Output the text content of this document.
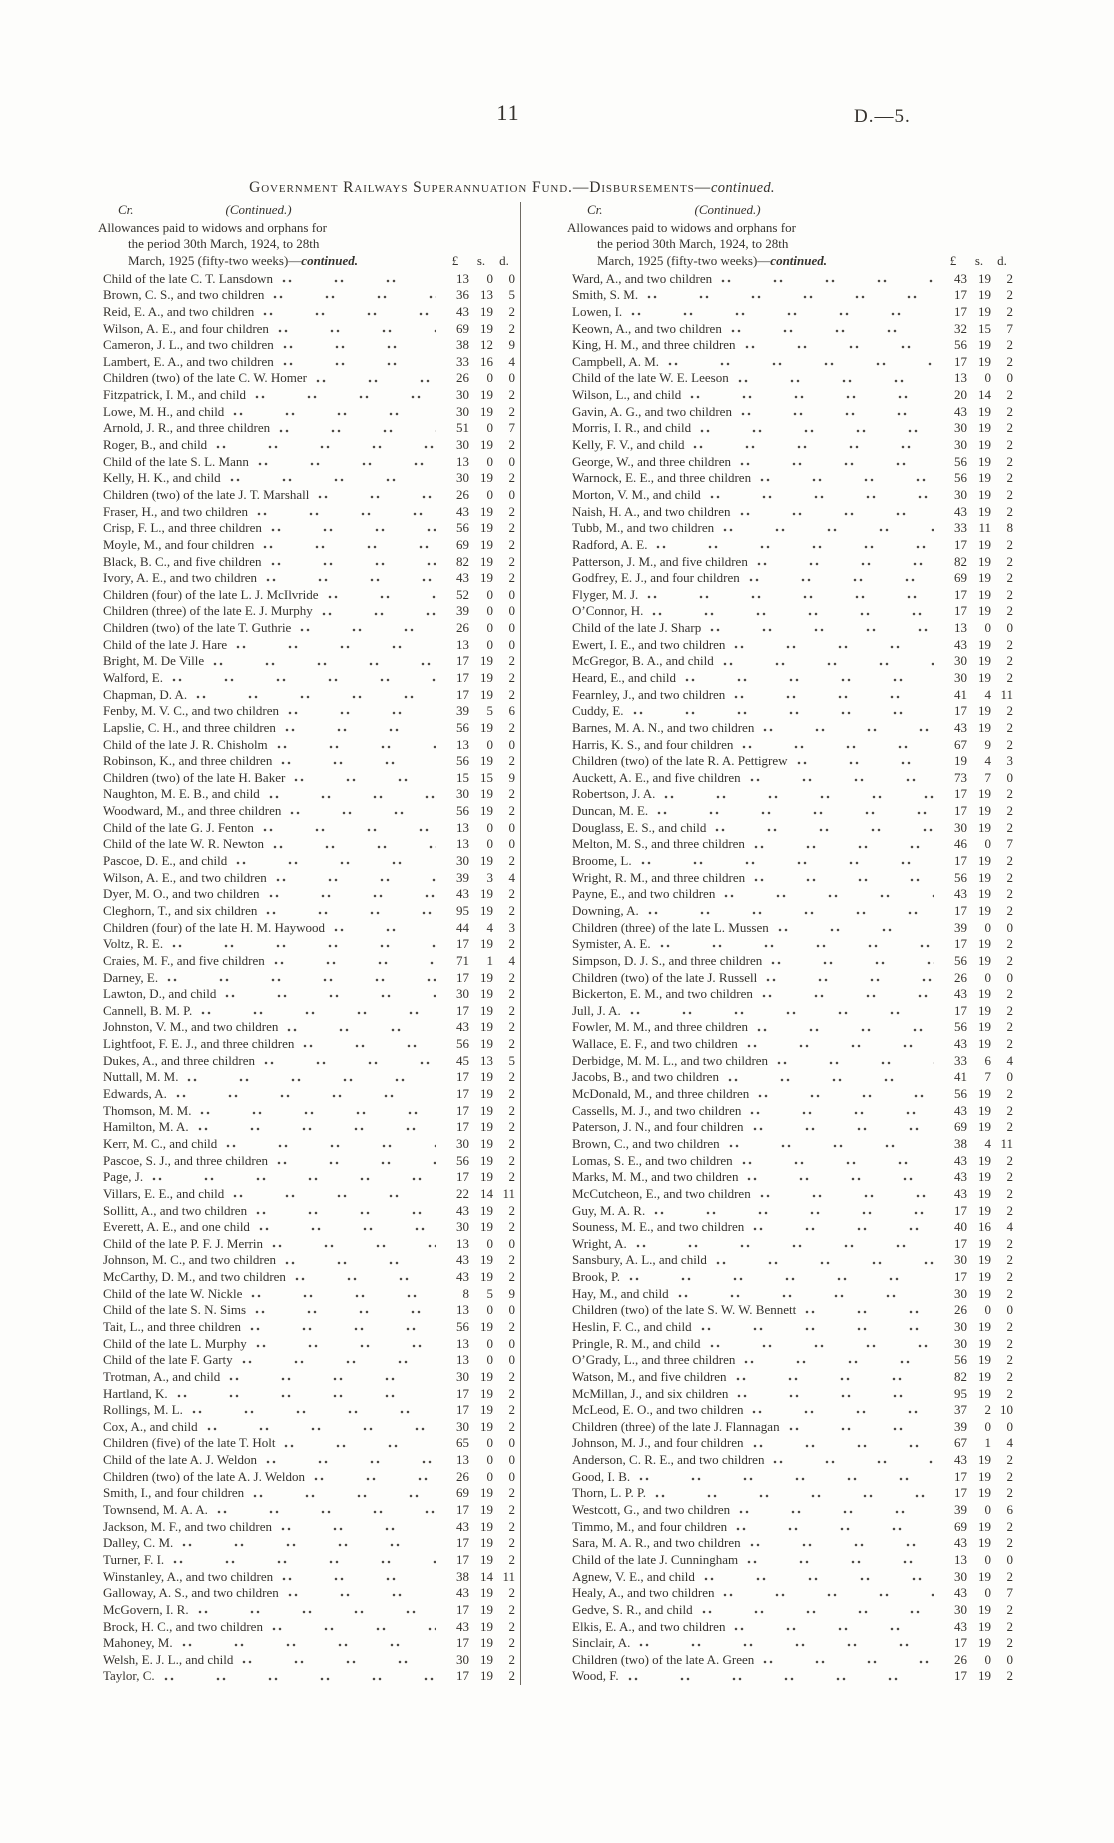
11	D.—5.
Government Railways Superannuation Fund.—Disbursements—continued.
Cr.	(Continued.)
Allowances paid to widows and orphans for
the period 30th March, 1924, to 28th
March, 1925 (fifty-two weeks)— continued.	£	s.	d.
Child of the late C. T. Lansdown	13	0	0
Brown, C. S., and two children	36 13	5
Reid, E. A., and two children	43 19	2
Wilson, A. E., and four children	69 19	2
Cameron, J. L., and two children	38 12	9
Lambert, E. A., and two children	33 16	4
Children (two) of the late C. W. Homer	26	0	0
Fitzpatrick, I. M., and child	30 19	2
Lowe, M. H., and child	30 19	2
Arnold, J. R., and three children	51	0	7
Roger, B., and child	30 19	2
Child of the late S. L. Mann	13	0	0
Kelly, H. K., and child	30 19	2
Children (two) of the late J. T. Marshall	26	0	0
Fraser, H., and two children	43 19	2
Crisp, F. L., and three children	56 19	2
Moyle, M., and four children	69 19	2
Black, B. C., and five children	82 19	2
Ivory, A. E., and two children	43 19	2
Children (four) of the late L. J. McIlvride	52	0	0
Children (three) of the late E. J. Murphy	39	0	0
Children (two) of the late T. Guthrie	26	0	0
Child of the late J. Hare	13	0	0
Bright, M. De Ville	17 19	2
Walford, E.	17 19	2
Chapman, D. A.	17 19	2
Fenby, M. V. C., and two children	39	5	6
Lapslie, C. H., and three children	56 19	2
Child of the late J. R. Chisholm	13	0	0
Robinson, K., and three children	56 19	2
Children (two) of the late H. Baker	15 15	9
Naughton, M. E. B., and child	30 19	2
Woodward, M., and three children	56 19	2
Child of the late G. J. Fenton	13	0	0
Child of the late W. R. Newton	13	0	0
Pascoe, D. E., and child	30 19	2
Wilson, A. E., and two children	39	3	4
Dyer, M. O., and two children	43 19	2
Cleghorn, T., and six children	95 19	2
Children (four) of the late H. M. Haywood	44	4	3
Voltz, R. E.	17 19	2
Craies, M. F., and five children	71	1	4
Darney, E.	17 19	2
Lawton, D., and child	30 19	2
Cannell, B. M. P.	17 19	2
Johnston, V. M., and two children	43 19	2
Lightfoot, F. E. J., and three children	56 19	2
Dukes, A., and three children	45 13	5
Nuttall, M. M.	17 19	2
Edwards, A.	17 19	2
Thomson, M. M.	17 19	2
Hamilton, M. A.	17 19	2
Kerr, M. C., and child	30 19	2
Pascoe, S. J., and three children	56 19	2
Page, J.	17 19	2
Villars, E. E., and child	22 14 11
Sollitt, A., and two children	43 19	2
Everett, A. E., and one child	30 19	2
Child of the late P. F. J. Merrin	13	0	0
Johnson, M. C., and two children	43 19	2
McCarthy, D. M., and two children	43 19	2
Child of the late W. Nickle	8	5	9
Child of the late S. N. Sims	13	0	0
Tait, L., and three children	56 19	2
Child of the late L. Murphy	13	0	0
Child of the late F. Garty	13	0	0
Trotman, A., and child	30 19	2
Hartland, K.	17 19	2
Rollings, M. L.	17 19	2
Cox, A., and child	30 19	2
Children (five) of the late T. Holt	65	0	0
Child of the late A. J. Weldon	13	0	0
Children (two) of the late A. J. Weldon	26	0	0
Smith, I., and four children	69 19	2
Townsend, M. A. A.	17 19	2
Jackson, M. F., and two children	43 19	2
Dalley, C. M.	17 19	2
Turner, F. I.	17 19	2
Winstanley, A., and two children	38 14 11
Galloway, A. S., and two children	43 19	2
McGovern, I. R.	17 19	2
Brock, H. C., and two children	43 19	2
Mahoney, M.	17 19	2
Welsh, E. J. L., and child	30 19	2
Taylor, C.	17 19	2
Cr.	(Continued.)
Allowances paid to widows and orphans for
the period 30th March, 1924, to 28th
March, 1925 (fifty-two weeks)— continued.	£	s.	d.
Ward, A., and two children	43 19	2
Smith, S. M.	17 19	2
Lowen, I.	17 19	2
Keown, A., and two children	32 15	7
King, H. M., and three children	56 19	2
Campbell, A. M.	17 19	2
Child of the late W. E. Leeson	13	0	0
Wilson, L., and child	20 14	2
Gavin, A. G., and two children	43 19	2
Morris, I. R., and child	30 19	2
Kelly, F. V., and child	30 19	2
George, W., and three children	56 19	2
Warnock, E. E., and three children	56 19	2
Morton, V. M., and child	30 19	2
Naish, H. A., and two children	43 19	2
Tubb, M., and two children	33 11	8
Radford, A. E.	17 19	2
Patterson, J. M., and five children	82 19	2
Godfrey, E. J., and four children	69 19	2
Flyger, M. J.	17 19	2
O’Connor, H.	17 19	2
Child of the late J. Sharp	13	0	0
Ewert, I. E., and two children	43 19	2
McGregor, B. A., and child	30 19	2
Heard, E., and child	30 19	2
Fearnley, J., and two children	41	4 11
Cuddy, E.	17 19	2
Barnes, M. A. N., and two children	43 19	2
Harris, K. S., and four children	67	9	2
Children (two) of the late R. A. Pettigrew	19	4	3
Auckett, A. E., and five children	73	7	0
Robertson, J. A.	17 19	2
Duncan, M. E.	17 19	2
Douglass, E. S., and child	30 19	2
Melton, M. S., and three children	46	0	7
Broome, L.	17 19	2
Wright, R. M., and three children	56 19	2
Payne, E., and two children	43 19	2
Downing, A.	17 19	2
Children (three) of the late L. Mussen	39	0	0
Symister, A. E.	17 19	2
Simpson, D. J. S., and three children	56 19	2
Children (two) of the late J. Russell	26	0	0
Bickerton, E. M., and two children	43 19	2
Jull, J. A.	17 19	2
Fowler, M. M., and three children	56 19	2
Wallace, E. F., and two children	43 19	2
Derbidge, M. M. L., and two children	33	6	4
Jacobs, B., and two children	41	7	0
McDonald, M., and three children	56 19	2
Cassells, M. J., and two children	43 19	2
Paterson, J. N., and four children	69 19	2
Brown, C., and two children	38	4 11
Lomas, S. E., and two children	43 19	2
Marks, M. M., and two children	43 19	2
McCutcheon, E., and two children	43 19	2
Guy, M. A. R.	17 19	2
Souness, M. E., and two children	40 16	4
Wright, A.	17 19	2
Sansbury, A. L., and child	30 19	2
Brook, P.	17 19	2
Hay, M., and child	30 19	2
Children (two) of the late S. W. W. Bennett	26	0	0
Heslin, F. C., and child	30 19	2
Pringle, R. M., and child	30 19	2
O’Grady, L., and three children	56 19	2
Watson, M., and five children	82 19	2
McMillan, J., and six children	95 19	2
McLeod, E. O., and two children	37	2 10
Children (three) of the late J. Flannagan	39	0	0
Johnson, M. J., and four children	67	1	4
Anderson, C. R. E., and two children	43 19	2
Good, I. B.	17 19	2
Thorn, L. P. P.	17 19	2
Westcott, G., and two children	39	0	6
Timmo, M., and four children	69 19	2
Sara, M. A. R., and two children	43 19	2
Child of the late J. Cunningham	13	0	0
Agnew, V. E., and child	30 19	2
Healy, A., and two children	43	0	7
Gedve, S. R., and child	30 19	2
Elkis, E. A., and two children	43 19	2
Sinclair, A.	17 19	2
Children (two) of the late A. Green	26	0	0
Wood, F.	17 19	2
